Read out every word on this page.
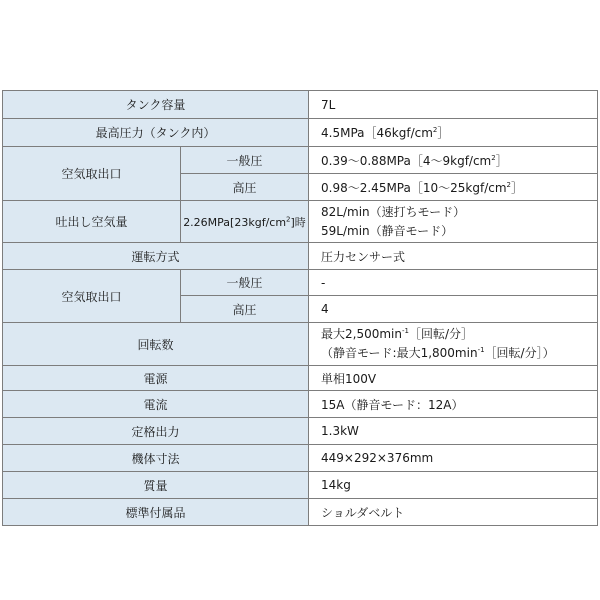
タンク容量		7L
最高圧力（タンク内）		$4.5MPa[46kgf/cm^2]$
空気取出口	一般圧	0.39〜0.88MPa［4〜$9kgf/cm^2]$
	高圧	0.98〜2.45MPa［10〜$25kgf/cm^2]$
吐出し空気量	$2.26MPa[23kgf/cm^2]$時	82L/min（速打ちモード）
59L/min（静音モード）

運転方式		圧力センサー式
空気取出口	一般圧	-
	高圧	4
回転数		最大$2,500\min^{-1}[$回転/分］
（静音モード:最大$1,800\min^{-1}[$回転/分］）

電源		単相100V
電流		15A（静音モード：12A）
定格出力		1.3kW
機体寸法		449×292×376mm
質量		14kg
標準付属品		ショルダベルト
